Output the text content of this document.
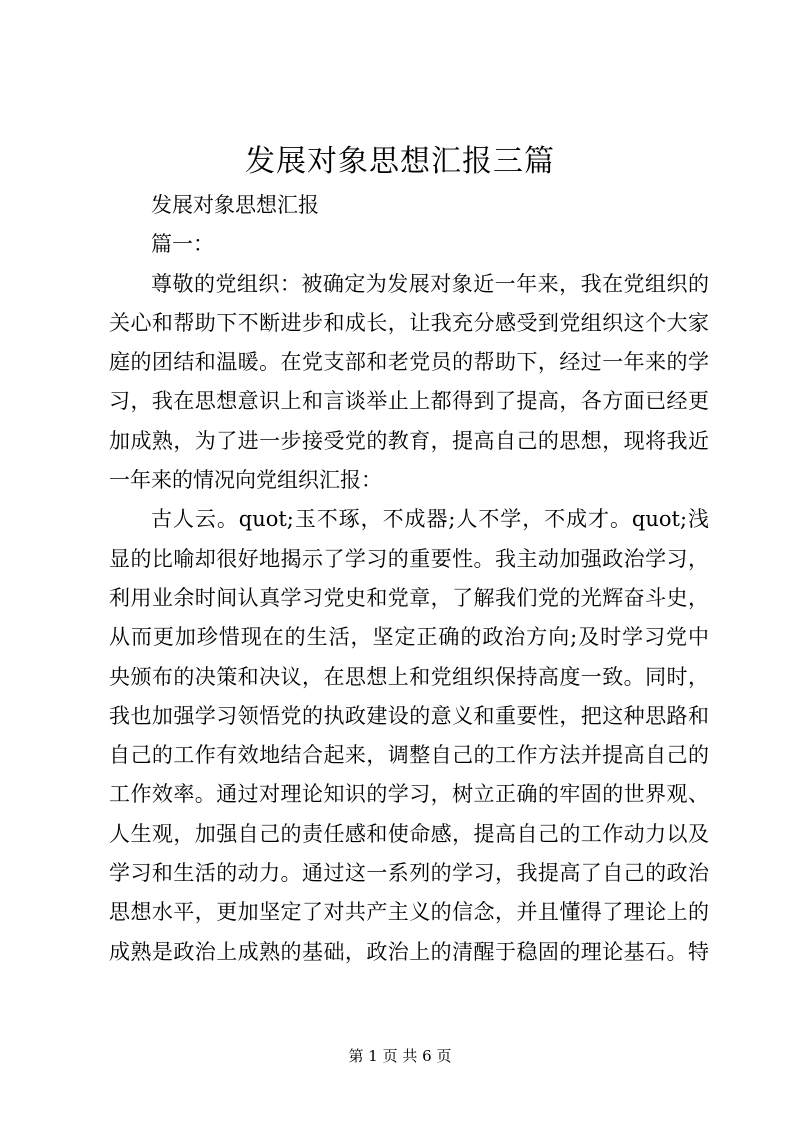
发展对象思想汇报三篇
发展对象思想汇报
篇一：
尊敬的党组织：被确定为发展对象近一年来，我在党组织的
关心和帮助下不断进步和成长，让我充分感受到党组织这个大家
庭的团结和温暖。在党支部和老党员的帮助下，经过一年来的学
习，我在思想意识上和言谈举止上都得到了提高，各方面已经更
加成熟，为了进一步接受党的教育，提高自己的思想，现将我近
一年来的情况向党组织汇报：
古人云。quot;玉不琢，不成器;人不学，不成才。quot;浅
显的比喻却很好地揭示了学习的重要性。我主动加强政治学习，
利用业余时间认真学习党史和党章，了解我们党的光辉奋斗史，
从而更加珍惜现在的生活，坚定正确的政治方向;及时学习党中
央颁布的决策和决议，在思想上和党组织保持高度一致。同时，
我也加强学习领悟党的执政建设的意义和重要性，把这种思路和
自己的工作有效地结合起来，调整自己的工作方法并提高自己的
工作效率。通过对理论知识的学习，树立正确的牢固的世界观、
人生观，加强自己的责任感和使命感，提高自己的工作动力以及
学习和生活的动力。通过这一系列的学习，我提高了自己的政治
思想水平，更加坚定了对共产主义的信念，并且懂得了理论上的
成熟是政治上成熟的基础，政治上的清醒于稳固的理论基石。特
第 1 页 共 6 页
